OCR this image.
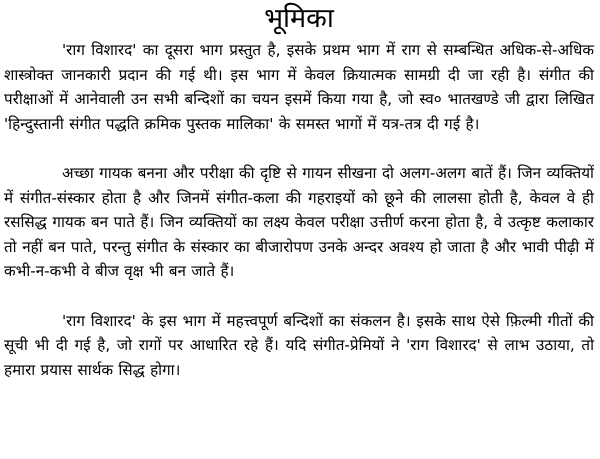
भूमिका

'राग विशारद' का दूसरा भाग प्रस्तुत है, इसके प्रथम भाग में राग से सम्बन्धित अधिक-से-अधिक शास्त्रोक्त जानकारी प्रदान की गई थी। इस भाग में केवल क्रियात्मक सामग्री दी जा रही है। संगीत की परीक्षाओं में आनेवाली उन सभी बन्दिशों का चयन इसमें किया गया है, जो स्व० भातखण्डे जी द्वारा लिखित 'हिन्दुस्तानी संगीत पद्धति क्रमिक पुस्तक मालिका' के समस्त भागों में यत्र-तत्र दी गई है।

अच्छा गायक बनना और परीक्षा की दृष्टि से गायन सीखना दो अलग-अलग बातें हैं। जिन व्यक्तियों में संगीत-संस्कार होता है और जिनमें संगीत-कला की गहराइयों को छूने की लालसा होती है, केवल वे ही रससिद्ध गायक बन पाते हैं। जिन व्यक्तियों का लक्ष्य केवल परीक्षा उत्तीर्ण करना होता है, वे उत्कृष्ट कलाकार तो नहीं बन पाते, परन्तु संगीत के संस्कार का बीजारोपण उनके अन्दर अवश्य हो जाता है और भावी पीढ़ी में कभी-न-कभी वे बीज वृक्ष भी बन जाते हैं।

'राग विशारद' के इस भाग में महत्त्वपूर्ण बन्दिशों का संकलन है। इसके साथ ऐसे फ़िल्मी गीतों की सूची भी दी गई है, जो रागों पर आधारित रहे हैं। यदि संगीत-प्रेमियों ने 'राग विशारद' से लाभ उठाया, तो हमारा प्रयास सार्थक सिद्ध होगा।
